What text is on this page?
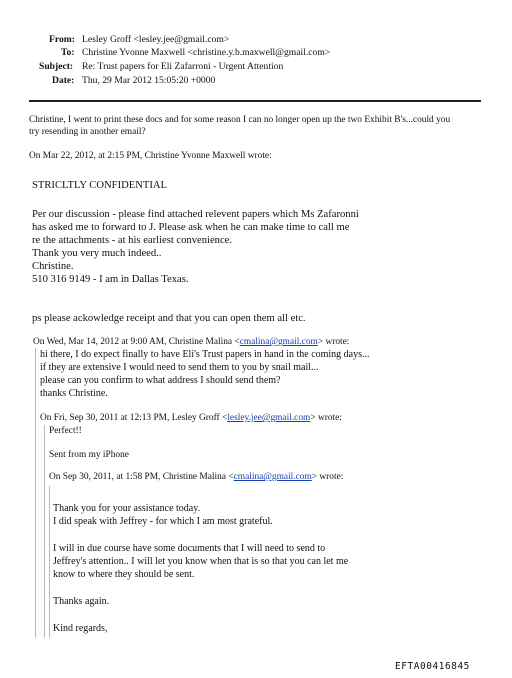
From: Lesley Groff <lesley.jee@gmail.com>
To: Christine Yvonne Maxwell <christine.y.b.maxwell@gmail.com>
Subject: Re: Trust papers for Eli Zafarroni - Urgent Attention
Date: Thu, 29 Mar 2012 15:05:20 +0000
Christine, I went to print these docs and for some reason I can no longer open up the two Exhibit B's...could you
try resending in another email?
On Mar 22, 2012, at 2:15 PM, Christine Yvonne Maxwell wrote:
STRICLTLY CONFIDENTIAL
Per our discussion - please find attached relevent papers which Ms Zafaronni
has asked me to forward to J. Please ask when he can make time to call me
re the attachments - at his earliest convenience.
Thank you very much indeed..
Christine.
510 316 9149 - I am in Dallas Texas.
ps please ackowledge receipt and that you can open them all etc.
On Wed, Mar 14, 2012 at 9:00 AM, Christine Malina <cmalina@gmail.com> wrote:
hi there, I do expect finally to have Eli's Trust papers in hand in the coming days...
if they are extensive I would need to send them to you by snail mail...
please can you confirm to what address I should send them?
thanks Christine.
On Fri, Sep 30, 2011 at 12:13 PM, Lesley Groff <lesley.jee@gmail.com> wrote:
Perfect!!
Sent from my iPhone
On Sep 30, 2011, at 1:58 PM, Christine Malina <cmalina@gmail.com> wrote:
Thank you for your assistance today.
I did speak with Jeffrey - for which I am most grateful.
I will in due course have some documents that I will need to send to
Jeffrey's attention.. I will let you know when that is so that you can let me
know to where they should be sent.
Thanks again.
Kind regards,
EFTA00416845
